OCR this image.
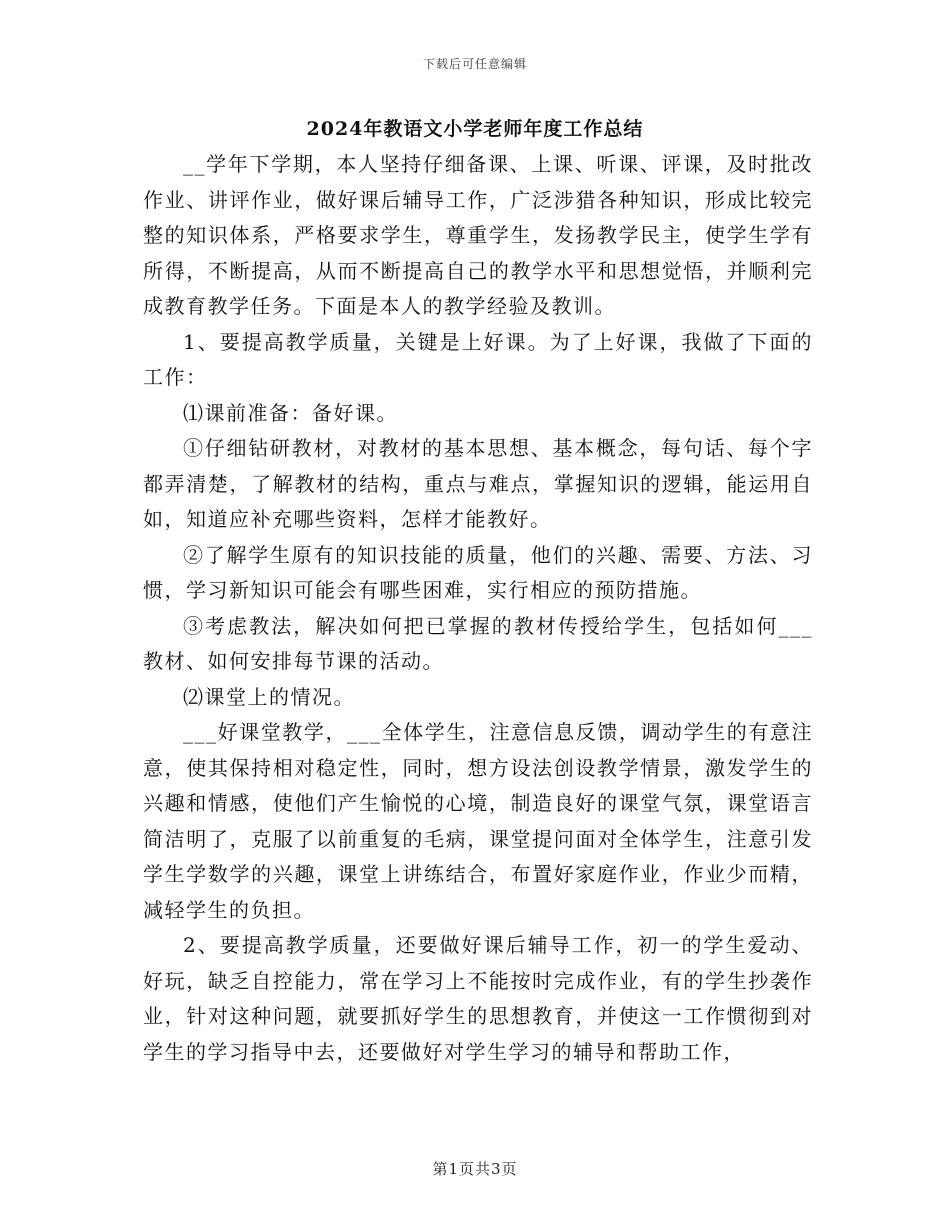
下载后可任意编辑
2024年教语文小学老师年度工作总结

__学年下学期，本人坚持仔细备课、上课、听课、评课，及时批改作业、讲评作业，做好课后辅导工作，广泛涉猎各种知识，形成比较完整的知识体系，严格要求学生，尊重学生，发扬教学民主，使学生学有所得，不断提高，从而不断提高自己的教学水平和思想觉悟，并顺利完成教育教学任务。下面是本人的教学经验及教训。

1、要提高教学质量，关键是上好课。为了上好课，我做了下面的工作：

⑴课前准备：备好课。

①仔细钻研教材，对教材的基本思想、基本概念，每句话、每个字都弄清楚，了解教材的结构，重点与难点，掌握知识的逻辑，能运用自如，知道应补充哪些资料，怎样才能教好。

②了解学生原有的知识技能的质量，他们的兴趣、需要、方法、习惯，学习新知识可能会有哪些困难，实行相应的预防措施。

③考虑教法，解决如何把已掌握的教材传授给学生，包括如何___教材、如何安排每节课的活动。

⑵课堂上的情况。

___好课堂教学，___全体学生，注意信息反馈，调动学生的有意注意，使其保持相对稳定性，同时，想方设法创设教学情景，激发学生的兴趣和情感，使他们产生愉悦的心境，制造良好的课堂气氛，课堂语言简洁明了，克服了以前重复的毛病，课堂提问面对全体学生，注意引发学生学数学的兴趣，课堂上讲练结合，布置好家庭作业，作业少而精，减轻学生的负担。

2、要提高教学质量，还要做好课后辅导工作，初一的学生爱动、好玩，缺乏自控能力，常在学习上不能按时完成作业，有的学生抄袭作业，针对这种问题，就要抓好学生的思想教育，并使这一工作惯彻到对学生的学习指导中去，还要做好对学生学习的辅导和帮助工作，

第1页共3页
